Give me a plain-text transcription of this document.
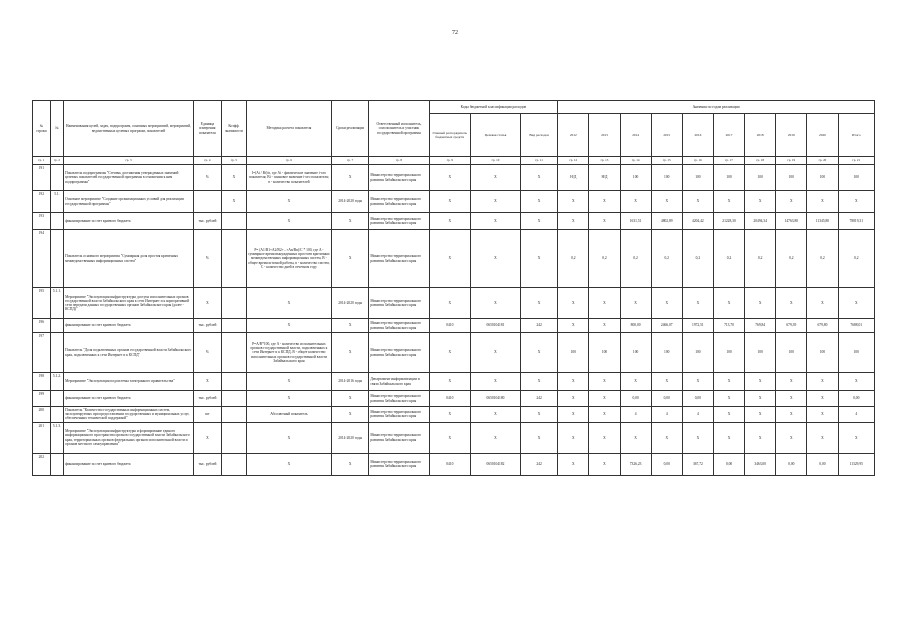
72
№ строки	№	Наименования целей, задач, подпрограмм, основных мероприятий, мероприятий, ведомственных целевых программ, показателей	Единица измерения показателя	Коэфф. значимости	Методика расчета показателя	Сроки реализации	Ответственный исполнитель, соисполнитель и участник государственной программы	Коды бюджетной классификации расходов			Значения по годам реализации									
								Главный распорядитель бюджетных средств	Целевая статья	Вид расходов	2012	2013	2014	2015	2016	2017	2018	2019	2020	Итого
гр. 1	гр. 2	гр. 3	гр. 4	гр. 5	гр. 6	гр. 7	гр. 8	гр. 9	гр. 10	гр. 11	гр. 12	гр. 13	гр. 14	гр. 15	гр. 16	гр. 17	гр. 18	гр. 19	гр. 20	гр. 21
191		Показатель подпрограммы "Степень достижения утвержденных значений целевых показателей государственной программы в отношении к ним подпрограммы"	%	X	I=(Ai / Bi)/n, где Ai - фактическое значение i-ого показателя; Bi - плановое значение i-ого показателя; n - количество показателей	X	Министерство территориального развития Забайкальского края	X	X	X	Н/Д	Н/Д	100	100	100	100	100	100	100	100
192	5.1.	Основное мероприятие "Создание организационных условий для реализации государственной программы"		X	X	2014-2020 годы	Министерство территориального развития Забайкальского края	X	X	X	X	X	X	X	X	X	X	X	X	X
193		финансирование за счет краевого бюджета	тыс. рублей		X	X	Министерство территориального развития Забайкальского края	X	X	X	X	X	1631,51	4802,89	4204,42	21228,30	20494,34	14763,80	11345,80	78819,31
194		Показатель основного мероприятия "Суммарная доля простоя критичных межведомственных информационных систем"	%		P= (A1/B1+A2/B2+...+An/Bn)/C * 100, где A - суммарное время вынужденных простоев критичных межведомственных информационных систем, B - общее время штатной работы, n - количество систем, C - количество дней в отчетном году	X	Министерство территориального развития Забайкальского края	X	X	X	0,2	0,2	0,2	0,2	0,2	0,2	0,2	0,2	0,2	0,2
195	5.1.1.	Мероприятие "Эксплуатация инфраструктуры доступа исполнительных органов государственной власти Забайкальского края к сети Интернет и к корпоративной сети передачи данных государственных органов Забайкальского края (далее - КСПД)"	X		X	2014-2020 годы	Министерство территориального развития Забайкальского края	X	X	X	X	X	X	X	X	X	X	X	X	X
196		финансирование за счет краевого бюджета	тыс. рублей		X	X	Министерство территориального развития Забайкальского края	0410	0650104181	242	X	X	800,00	2466,07	1972,51	713,70	769,84	679,39	679,80	7688,01
197		Показатель "Доля подключенных органов государственной власти Забайкальского края, подключенных к сети Интернет и к КСПД"	%		P=A/B*100, где A - количество исполнительных органов государственной власти, подключенных к сети Интернет и к КСПД, B - общее количество исполнительных органов государственной власти Забайкальского края	X	Министерство территориального развития Забайкальского края	X	X	X	100	100	100	100	100	100	100	100	100	100
198	5.1.2.	Мероприятие "Эксплуатация подсистемы электронного правительства"	X		X	2014-2016 годы	Департамент информатизации и связи Забайкальского края	X	X	X	X	X	X	X	X	X	X	X	X	X
199		финансирование за счет краевого бюджета	тыс. рублей		X	X	Министерство территориального развития Забайкальского края	0410	0650104180	242	X	X	0,00	0,00	0,00	X	X	X	X	0,00
200		Показатель "Количество государственных информационных систем, эксплуатируемых при предоставлении государственных и муниципальных услуг, обеспеченных технической поддержкой"	шт		Абсолютный показатель	X	Министерство территориального развития Забайкальского края	X	X	X	X	X	4	4	4	X	X	X	X	4
201	5.1.3.	Мероприятие "Эксплуатация инфраструктуры и формирование единого информационного пространства органов государственной власти Забайкальского края, территориальных органов федеральных органов исполнительной власти и органов местного самоуправления"	X		X	2014-2020 годы	Министерство территориального развития Забайкальского края	X	X	X	X	X	X	X	X	X	X	X	X	X
202		финансирование за счет краевого бюджета	тыс. рублей		X	X	Министерство территориального развития Забайкальского края	0410	0650104182	242	X	X	7326,23	0,00	367,72	0,00	3463,00	0,00	0,00	11329,95
